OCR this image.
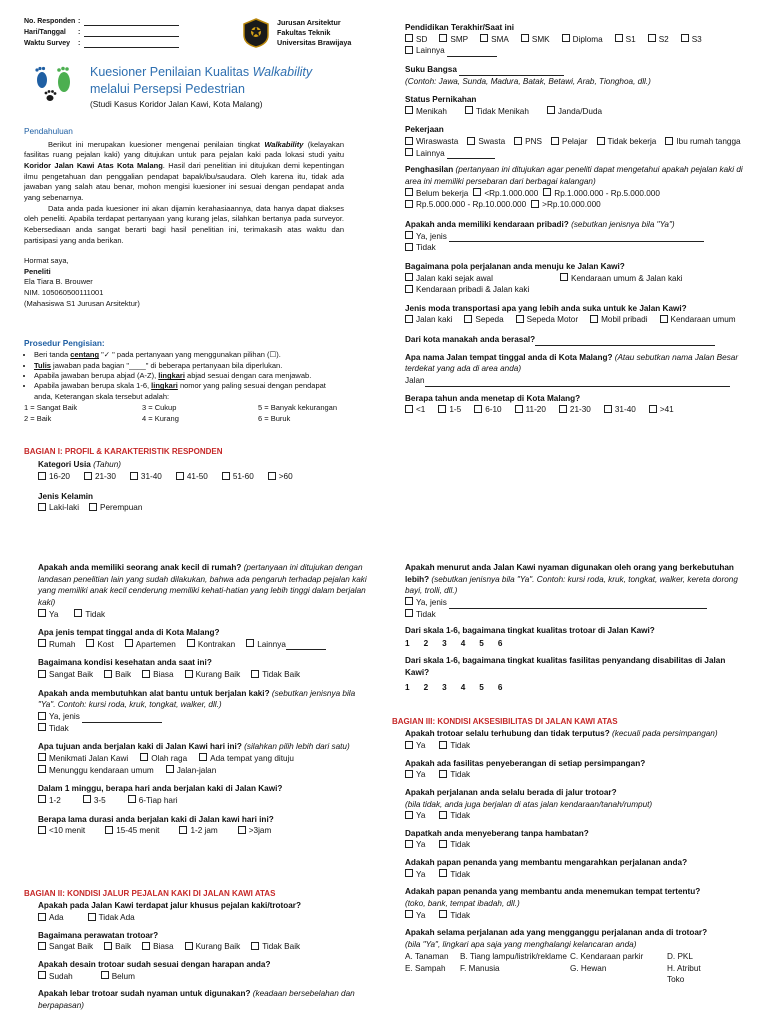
No. Responden :
Hari/Tanggal	:
Waktu Survey	:
Jurusan Arsitektur
Fakultas Teknik
Universitas Brawijaya
Kuesioner Penilaian Kualitas Walkability
melalui Persepsi Pedestrian
(Studi Kasus Koridor Jalan Kawi, Kota Malang)
Pendahuluan
Berikut ini merupakan kuesioner mengenai penilaian tingkat Walkability (kelayakan fasilitas ruang pejalan kaki) yang ditujukan untuk para pejalan kaki pada lokasi studi yaitu Koridor Jalan Kawi Atas Kota Malang. Hasil dari penelitian ini ditujukan demi kepentingan ilmu pengetahuan dan penggalian pendapat bapak/ibu/saudara. Oleh karena itu, tidak ada jawaban yang salah atau benar, mohon mengisi kuesioner ini sesuai dengan pendapat anda yang sebenarnya.
Data anda pada kuesioner ini akan dijamin kerahasiaannya, data hanya dapat diakses oleh peneliti. Apabila terdapat pertanyaan yang kurang jelas, silahkan bertanya pada surveyor. Kebersediaan anda sangat berarti bagi hasil penelitian ini, terimakasih atas waktu dan partisipasi yang anda berikan.
Hormat saya,
Peneliti
Ela Tiara B. Brouwer
NIM. 105060500111001
(Mahasiswa S1 Jurusan Arsitektur)
Prosedur Pengisian:
• Beri tanda centang "✓ " pada pertanyaan yang menggunakan pilihan (☐).
• Tulis jawaban pada bagian "____" di beberapa pertanyaan bila diperlukan.
• Apabila jawaban berupa abjad (A-Z), lingkari abjad sesuai dengan cara menjawab.
• Apabila jawaban berupa skala 1-6, lingkari nomor yang paling sesuai dengan pendapat anda, Keterangan skala tersebut adalah:
1 = Sangat Baik	3 = Cukup	5 = Banyak kekurangan
2 = Baik	4 = Kurang	6 = Buruk
BAGIAN I: PROFIL & KARAKTERISTIK RESPONDEN
Kategori Usia (Tahun)
16-20	21-30	31-40	41-50	51-60	>60
Jenis Kelamin
Laki-laki	Perempuan
Pendidikan Terakhir/Saat ini
SD	SMP	SMA	SMK	Diploma	S1	S2	S3
Lainnya
Suku Bangsa
(Contoh: Jawa, Sunda, Madura, Batak, Betawi, Arab, Tionghoa, dll.)
Status Pernikahan
Menikah	Tidak Menikah	Janda/Duda
Pekerjaan
Wiraswasta	Swasta	PNS	Pelajar	Tidak bekerja	Ibu rumah tangga
Lainnya
Penghasilan (pertanyaan ini ditujukan agar peneliti dapat mengetahui apakah pejalan kaki di area ini memiliki persebaran dari berbagai kalangan)
Belum bekerja	<Rp.1.000.000	Rp.1.000.000 - Rp.5.000.000
Rp.5.000.000 - Rp.10.000.000	>Rp.10.000.000
Apakah anda memiliki kendaraan pribadi? (sebutkan jenisnya bila "Ya")
Ya, jenis
Tidak
Bagaimana pola perjalanan anda menuju ke Jalan Kawi?
Jalan kaki sejak awal	Kendaraan umum & Jalan kaki
Kendaraan pribadi & Jalan kaki
Jenis moda transportasi apa yang lebih anda suka untuk ke Jalan Kawi?
Jalan kaki	Sepeda	Sepeda Motor	Mobil pribadi	Kendaraan umum
Dari kota manakah anda berasal?
Apa nama Jalan tempat tinggal anda di Kota Malang? (Atau sebutkan nama Jalan Besar terdekat yang ada di area anda)
Jalan
Berapa tahun anda menetap di Kota Malang?
<1	1-5	6-10	11-20	21-30	31-40	>41
Apakah anda memiliki seorang anak kecil di rumah? (pertanyaan ini ditujukan dengan landasan penelitian lain yang sudah dilakukan, bahwa ada pengaruh terhadap pejalan kaki yang memiliki anak kecil cenderung memiliki kehati-hatian yang lebih tinggi dalam berjalan kaki)
Ya	Tidak
Apa jenis tempat tinggal anda di Kota Malang?
Rumah	Kost	Apartemen	Kontrakan	Lainnya
Bagaimana kondisi kesehatan anda saat ini?
Sangat Baik	Baik	Biasa	Kurang Baik	Tidak Baik
Apakah anda membutuhkan alat bantu untuk berjalan kaki? (sebutkan jenisnya bila "Ya". Contoh: kursi roda, kruk, tongkat, walker, dll.)
Ya, jenis
Tidak
Apa tujuan anda berjalan kaki di Jalan Kawi hari ini? (silahkan pilih lebih dari satu)
Menikmati Jalan Kawi	Olah raga	Ada tempat yang dituju
Menunggu kendaraan umum	Jalan-jalan
Dalam 1 minggu, berapa hari anda berjalan kaki di Jalan Kawi?
1-2	3-5	6-Tiap hari
Berapa lama durasi anda berjalan kaki di Jalan kawi hari ini?
<10 menit	15-45 menit	1-2 jam	>3jam
BAGIAN II: KONDISI JALUR PEJALAN KAKI DI JALAN KAWI ATAS
Apakah pada Jalan Kawi terdapat jalur khusus pejalan kaki/trotoar?
Ada	Tidak Ada
Bagaimana perawatan trotoar?
Sangat Baik	Baik	Biasa	Kurang Baik	Tidak Baik
Apakah desain trotoar sudah sesuai dengan harapan anda?
Sudah	Belum
Apakah lebar trotoar sudah nyaman untuk digunakan? (keadaan bersebelahan dan berpapasan)
Apakah menurut anda Jalan Kawi nyaman digunakan oleh orang yang berkebutuhan lebih? (sebutkan jenisnya bila "Ya". Contoh: kursi roda, kruk, tongkat, walker, kereta dorong bayi, trolli, dll.)
Ya, jenis
Tidak
Dari skala 1-6, bagaimana tingkat kualitas trotoar di Jalan Kawi?
1 2 3 4 5 6
Dari skala 1-6, bagaimana tingkat kualitas fasilitas penyandang disabilitas di Jalan Kawi?
1 2 3 4 5 6
BAGIAN III: KONDISI AKSESIBILITAS DI JALAN KAWI ATAS
Apakah trotoar selalu terhubung dan tidak terputus? (kecuali pada persimpangan)
Ya	Tidak
Apakah ada fasilitas penyeberangan di setiap persimpangan?
Ya	Tidak
Apakah perjalanan anda selalu berada di jalur trotoar?
(bila tidak, anda juga berjalan di atas jalan kendaraan/tanah/rumput)
Ya	Tidak
Dapatkah anda menyeberang tanpa hambatan?
Ya	Tidak
Adakah papan penanda yang membantu mengarahkan perjalanan anda?
Ya	Tidak
Adakah papan penanda yang membantu anda menemukan tempat tertentu?
(toko, bank, tempat ibadah, dll.)
Ya	Tidak
Apakah selama perjalanan ada yang mengganggu perjalanan anda di trotoar?
(bila "Ya", lingkari apa saja yang menghalangi kelancaran anda)
A. Tanaman	B. Tiang lampu/listrik/reklame C. Kendaraan parkir	D. PKL
E. Sampah	F. Manusia	G. Hewan	H. Atribut Toko
